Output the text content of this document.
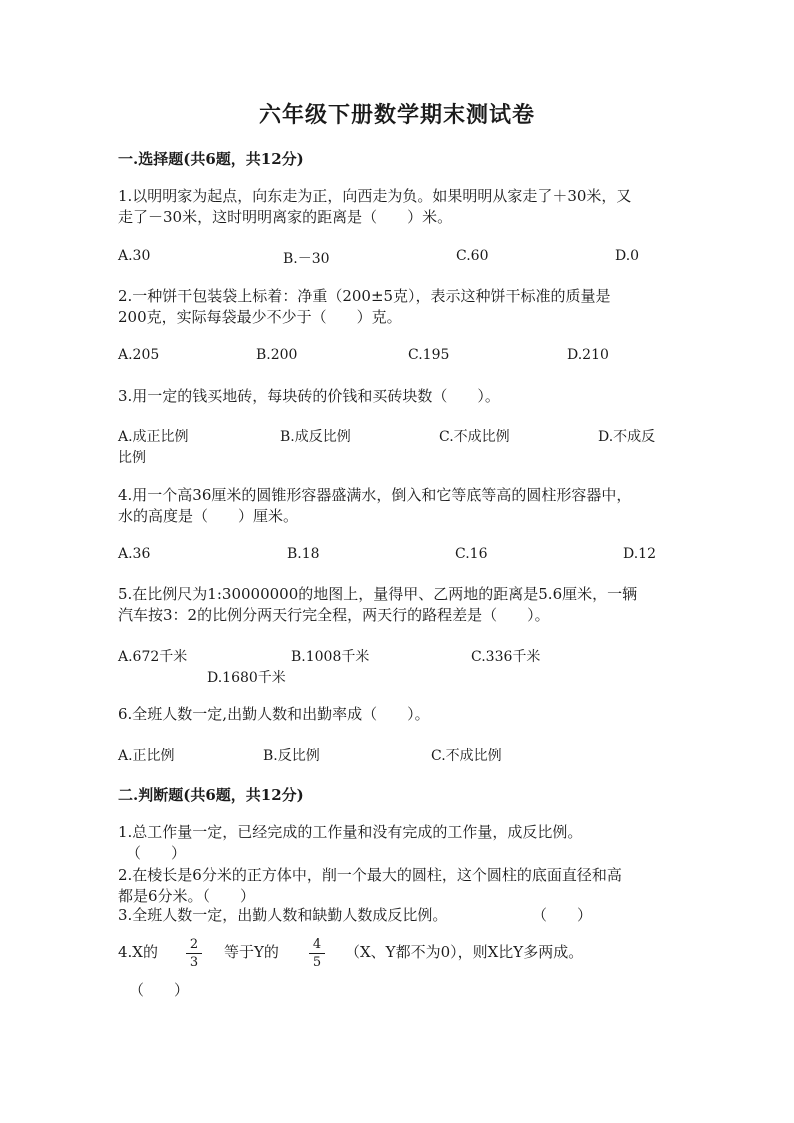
六年级下册数学期末测试卷
一.选择题(共6题，共12分)
1.以明明家为起点，向东走为正，向西走为负。如果明明从家走了＋30米，又
走了－30米，这时明明离家的距离是（　　）米。
A.30	B.－30	C.60	D.0
2.一种饼干包装袋上标着：净重（200±5克），表示这种饼干标准的质量是
200克，实际每袋最少不少于（　　）克。
A.205	B.200	C.195	D.210
3.用一定的钱买地砖，每块砖的价钱和买砖块数（　　）。
A.成正比例	B.成反比例	C.不成比例	D.不成反
比例
4.用一个高36厘米的圆锥形容器盛满水，倒入和它等底等高的圆柱形容器中，
水的高度是（　　）厘米。
A.36	B.18	C.16	D.12
5.在比例尺为1:30000000的地图上，量得甲、乙两地的距离是5.6厘米，一辆
汽车按3：2的比例分两天行完全程，两天行的路程差是（　　）。
A.672千米	B.1008千米	C.336千米
D.1680千米
6.全班人数一定,出勤人数和出勤率成（　　）。
A.正比例	B.反比例	C.不成比例
二.判断题(共6题，共12分)
1.总工作量一定，已经完成的工作量和没有完成的工作量，成反比例。
（　　）
2.在棱长是6分米的正方体中，削一个最大的圆柱，这个圆柱的底面直径和高
都是6分米。（　　）
3.全班人数一定，出勤人数和缺勤人数成反比例。	（　　）
4.X的 2
3
等于Y的	4
5
（X、Y都不为0），则X比Y多两成。
（　　）
